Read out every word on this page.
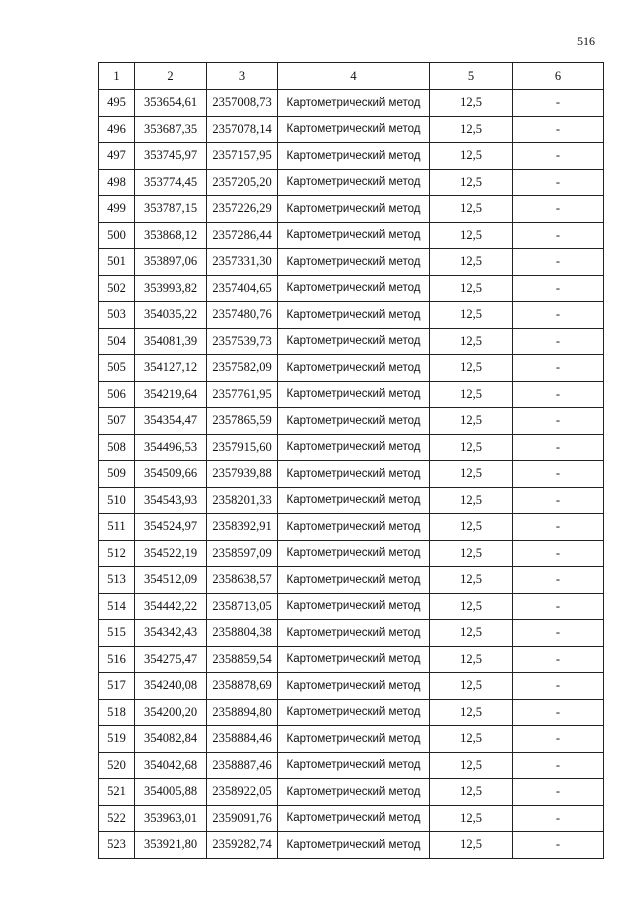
516
1	2	3	4	5	6
495	353654,61	2357008,73	Картометрический метод	12,5	-
496	353687,35	2357078,14	Картометрический метод	12,5	-
497	353745,97	2357157,95	Картометрический метод	12,5	-
498	353774,45	2357205,20	Картометрический метод	12,5	-
499	353787,15	2357226,29	Картометрический метод	12,5	-
500	353868,12	2357286,44	Картометрический метод	12,5	-
501	353897,06	2357331,30	Картометрический метод	12,5	-
502	353993,82	2357404,65	Картометрический метод	12,5	-
503	354035,22	2357480,76	Картометрический метод	12,5	-
504	354081,39	2357539,73	Картометрический метод	12,5	-
505	354127,12	2357582,09	Картометрический метод	12,5	-
506	354219,64	2357761,95	Картометрический метод	12,5	-
507	354354,47	2357865,59	Картометрический метод	12,5	-
508	354496,53	2357915,60	Картометрический метод	12,5	-
509	354509,66	2357939,88	Картометрический метод	12,5	-
510	354543,93	2358201,33	Картометрический метод	12,5	-
511	354524,97	2358392,91	Картометрический метод	12,5	-
512	354522,19	2358597,09	Картометрический метод	12,5	-
513	354512,09	2358638,57	Картометрический метод	12,5	-
514	354442,22	2358713,05	Картометрический метод	12,5	-
515	354342,43	2358804,38	Картометрический метод	12,5	-
516	354275,47	2358859,54	Картометрический метод	12,5	-
517	354240,08	2358878,69	Картометрический метод	12,5	-
518	354200,20	2358894,80	Картометрический метод	12,5	-
519	354082,84	2358884,46	Картометрический метод	12,5	-
520	354042,68	2358887,46	Картометрический метод	12,5	-
521	354005,88	2358922,05	Картометрический метод	12,5	-
522	353963,01	2359091,76	Картометрический метод	12,5	-
523	353921,80	2359282,74	Картометрический метод	12,5	-
